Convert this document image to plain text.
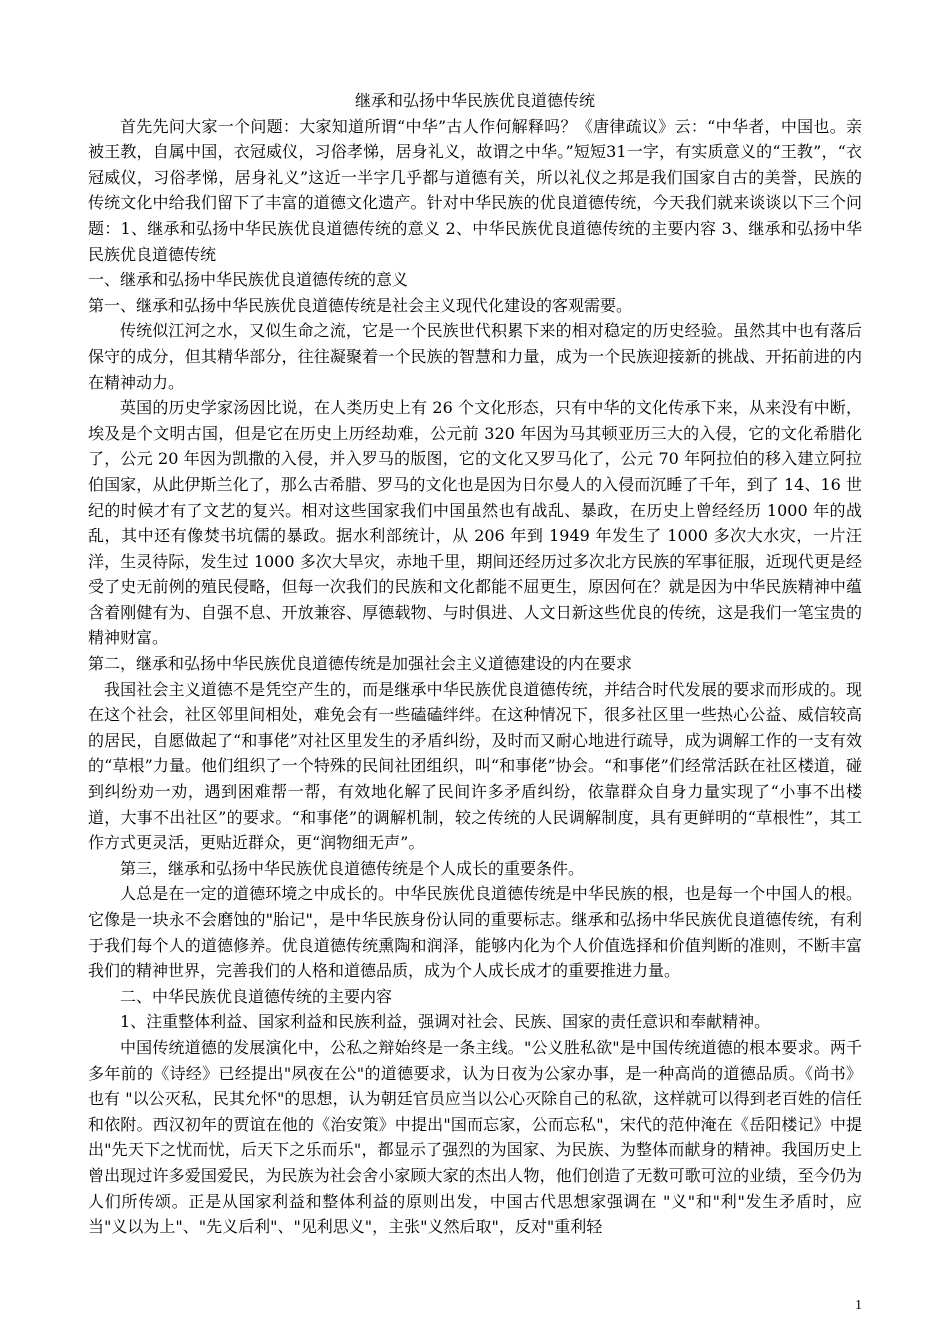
继承和弘扬中华民族优良道德传统

首先先问大家一个问题：大家知道所谓“中华”古人作何解释吗？《唐律疏议》云：“中华者，中国也。亲被王教，自属中国，衣冠威仪，习俗孝悌，居身礼义，故谓之中华。”短短31一字，有实质意义的“王教”，“衣冠威仪，习俗孝悌，居身礼义”这近一半字几乎都与道德有关，所以礼仪之邦是我们国家自古的美誉，民族的传统文化中给我们留下了丰富的道德文化遗产。针对中华民族的优良道德传统，今天我们就来谈谈以下三个问题：1、继承和弘扬中华民族优良道德传统的意义 2、中华民族优良道德传统的主要内容 3、继承和弘扬中华民族优良道德传统

一、继承和弘扬中华民族优良道德传统的意义

第一、继承和弘扬中华民族优良道德传统是社会主义现代化建设的客观需要。

传统似江河之水，又似生命之流，它是一个民族世代积累下来的相对稳定的历史经验。虽然其中也有落后保守的成分，但其精华部分，往往凝聚着一个民族的智慧和力量，成为一个民族迎接新的挑战、开拓前进的内在精神动力。

英国的历史学家汤因比说，在人类历史上有 26 个文化形态，只有中华的文化传承下来，从来没有中断，埃及是个文明古国，但是它在历史上历经劫难，公元前 320 年因为马其顿亚历三大的入侵，它的文化希腊化了，公元 20 年因为凯撒的入侵，并入罗马的版图，它的文化又罗马化了，公元 70 年阿拉伯的移入建立阿拉伯国家，从此伊斯兰化了，那么古希腊、罗马的文化也是因为日尔曼人的入侵而沉睡了千年，到了 14、16 世纪的时候才有了文艺的复兴。相对这些国家我们中国虽然也有战乱、暴政，在历史上曾经经历 1000 年的战乱，其中还有像焚书坑儒的暴政。据水利部统计，从 206 年到 1949 年发生了 1000 多次大水灾，一片汪洋，生灵待际，发生过 1000 多次大旱灾，赤地千里，期间还经历过多次北方民族的军事征服，近现代更是经受了史无前例的殖民侵略，但每一次我们的民族和文化都能不屈更生，原因何在？就是因为中华民族精神中蕴含着刚健有为、自强不息、开放兼容、厚德载物、与时俱进、人文日新这些优良的传统，这是我们一笔宝贵的精神财富。

第二，继承和弘扬中华民族优良道德传统是加强社会主义道德建设的内在要求

我国社会主义道德不是凭空产生的，而是继承中华民族优良道德传统，并结合时代发展的要求而形成的。现在这个社会，社区邻里间相处，难免会有一些磕磕绊绊。在这种情况下，很多社区里一些热心公益、威信较高的居民，自愿做起了“和事佬”对社区里发生的矛盾纠纷，及时而又耐心地进行疏导，成为调解工作的一支有效的“草根”力量。他们组织了一个特殊的民间社团组织，叫“和事佬”协会。“和事佬”们经常活跃在社区楼道，碰到纠纷劝一劝，遇到困难帮一帮，有效地化解了民间许多矛盾纠纷，依靠群众自身力量实现了“小事不出楼道，大事不出社区”的要求。“和事佬”的调解机制，较之传统的人民调解制度，具有更鲜明的“草根性”，其工作方式更灵活，更贴近群众，更“润物细无声”。

第三，继承和弘扬中华民族优良道德传统是个人成长的重要条件。

人总是在一定的道德环境之中成长的。中华民族优良道德传统是中华民族的根，也是每一个中国人的根。它像是一块永不会磨蚀的"胎记"，是中华民族身份认同的重要标志。继承和弘扬中华民族优良道德传统，有利于我们每个人的道德修养。优良道德传统熏陶和润泽，能够内化为个人价值选择和价值判断的准则，不断丰富我们的精神世界，完善我们的人格和道德品质，成为个人成长成才的重要推进力量。

二、中华民族优良道德传统的主要内容

1、注重整体利益、国家利益和民族利益，强调对社会、民族、国家的责任意识和奉献精神。

中国传统道德的发展演化中，公私之辩始终是一条主线。"公义胜私欲"是中国传统道德的根本要求。两千多年前的《诗经》已经提出"夙夜在公"的道德要求，认为日夜为公家办事，是一种高尚的道德品质。《尚书》也有 "以公灭私，民其允怀"的思想，认为朝廷官员应当以公心灭除自己的私欲，这样就可以得到老百姓的信任和依附。西汉初年的贾谊在他的《治安策》中提出"国而忘家，公而忘私"，宋代的范仲淹在《岳阳楼记》中提出"先天下之忧而忧，后天下之乐而乐"，都显示了强烈的为国家、为民族、为整体而献身的精神。我国历史上曾出现过许多爱国爱民，为民族为社会舍小家顾大家的杰出人物，他们创造了无数可歌可泣的业绩，至今仍为人们所传颂。正是从国家利益和整体利益的原则出发，中国古代思想家强调在 "义"和"利"发生矛盾时，应当"义以为上"、"先义后利"、"见利思义"，主张"义然后取"，反对"重利轻

1
